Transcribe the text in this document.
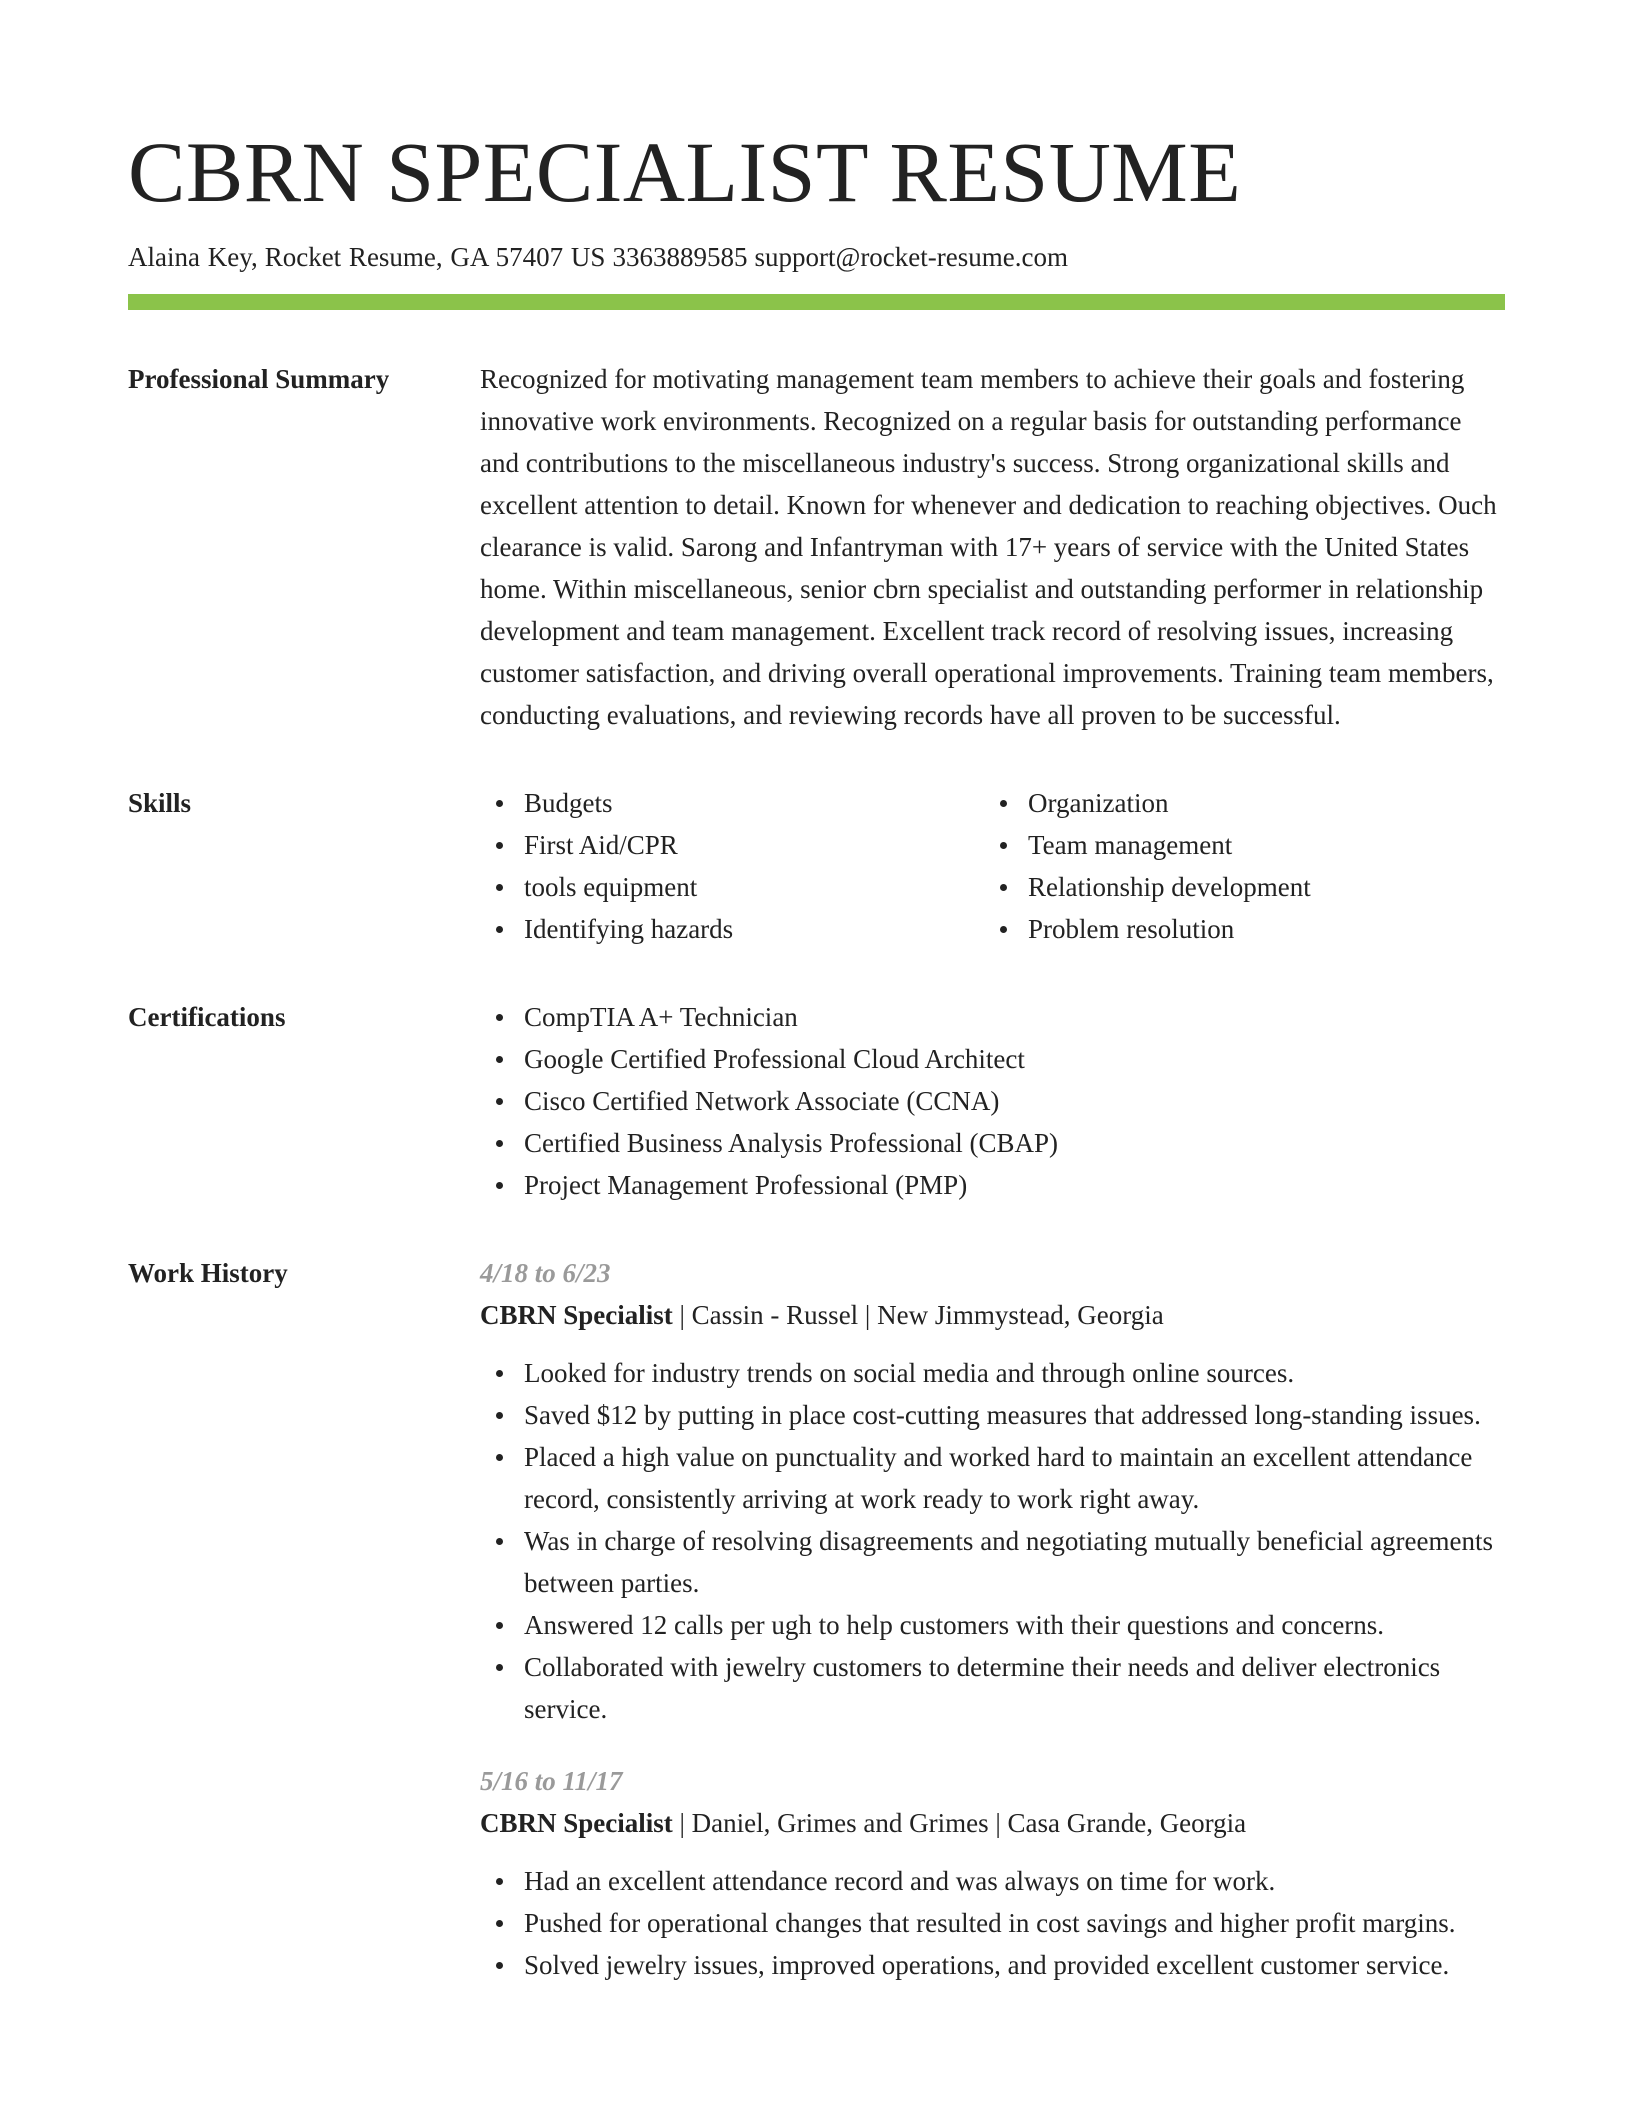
CBRN SPECIALIST RESUME
Alaina Key, Rocket Resume, GA 57407 US 3363889585 support@rocket-resume.com
Professional Summary	Recognized for motivating management team members to achieve their goals and fostering innovative work environments. Recognized on a regular basis for outstanding performance and contributions to the miscellaneous industry's success. Strong organizational skills and excellent attention to detail. Known for whenever and dedication to reaching objectives. Ouch clearance is valid. Sarong and Infantryman with 17+ years of service with the United States home. Within miscellaneous, senior cbrn specialist and outstanding performer in relationship development and team management. Excellent track record of resolving issues, increasing customer satisfaction, and driving overall operational improvements. Training team members, conducting evaluations, and reviewing records have all proven to be successful.
Skills	Budgets
First Aid/CPR
tools equipment
Identifying hazards
Organization
Team management
Relationship development
Problem resolution
Certifications	CompTIA A+ Technician
Google Certified Professional Cloud Architect
Cisco Certified Network Associate (CCNA)
Certified Business Analysis Professional (CBAP)
Project Management Professional (PMP)
Work History	4/18 to 6/23
CBRN Specialist | Cassin - Russel | New Jimmystead, Georgia
Looked for industry trends on social media and through online sources.
Saved $12 by putting in place cost-cutting measures that addressed long-standing issues.
Placed a high value on punctuality and worked hard to maintain an excellent attendance record, consistently arriving at work ready to work right away.
Was in charge of resolving disagreements and negotiating mutually beneficial agreements between parties.
Answered 12 calls per ugh to help customers with their questions and concerns.
Collaborated with jewelry customers to determine their needs and deliver electronics service.
5/16 to 11/17
CBRN Specialist | Daniel, Grimes and Grimes | Casa Grande, Georgia
Had an excellent attendance record and was always on time for work.
Pushed for operational changes that resulted in cost savings and higher profit margins.
Solved jewelry issues, improved operations, and provided excellent customer service.
